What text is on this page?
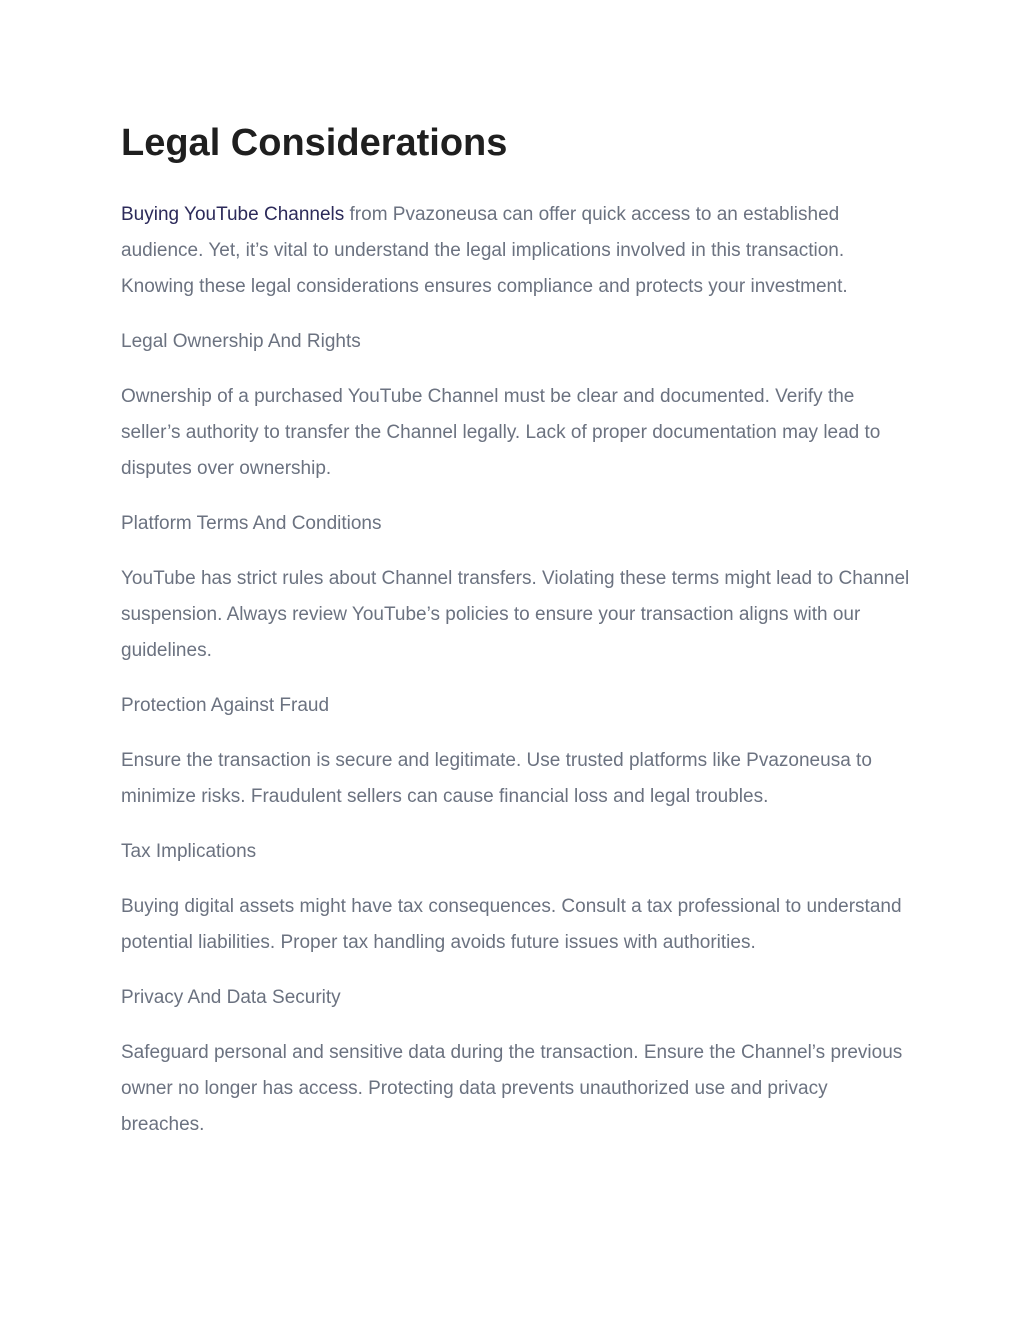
Legal Considerations

Buying YouTube Channels from Pvazoneusa can offer quick access to an established audience. Yet, it’s vital to understand the legal implications involved in this transaction. Knowing these legal considerations ensures compliance and protects your investment.

Legal Ownership And Rights

Ownership of a purchased YouTube Channel must be clear and documented. Verify the seller’s authority to transfer the Channel legally. Lack of proper documentation may lead to disputes over ownership.

Platform Terms And Conditions

YouTube has strict rules about Channel transfers. Violating these terms might lead to Channel suspension. Always review YouTube’s policies to ensure your transaction aligns with our guidelines.

Protection Against Fraud

Ensure the transaction is secure and legitimate. Use trusted platforms like Pvazoneusa to minimize risks. Fraudulent sellers can cause financial loss and legal troubles.

Tax Implications

Buying digital assets might have tax consequences. Consult a tax professional to understand potential liabilities. Proper tax handling avoids future issues with authorities.

Privacy And Data Security

Safeguard personal and sensitive data during the transaction. Ensure the Channel’s previous owner no longer has access. Protecting data prevents unauthorized use and privacy breaches.
